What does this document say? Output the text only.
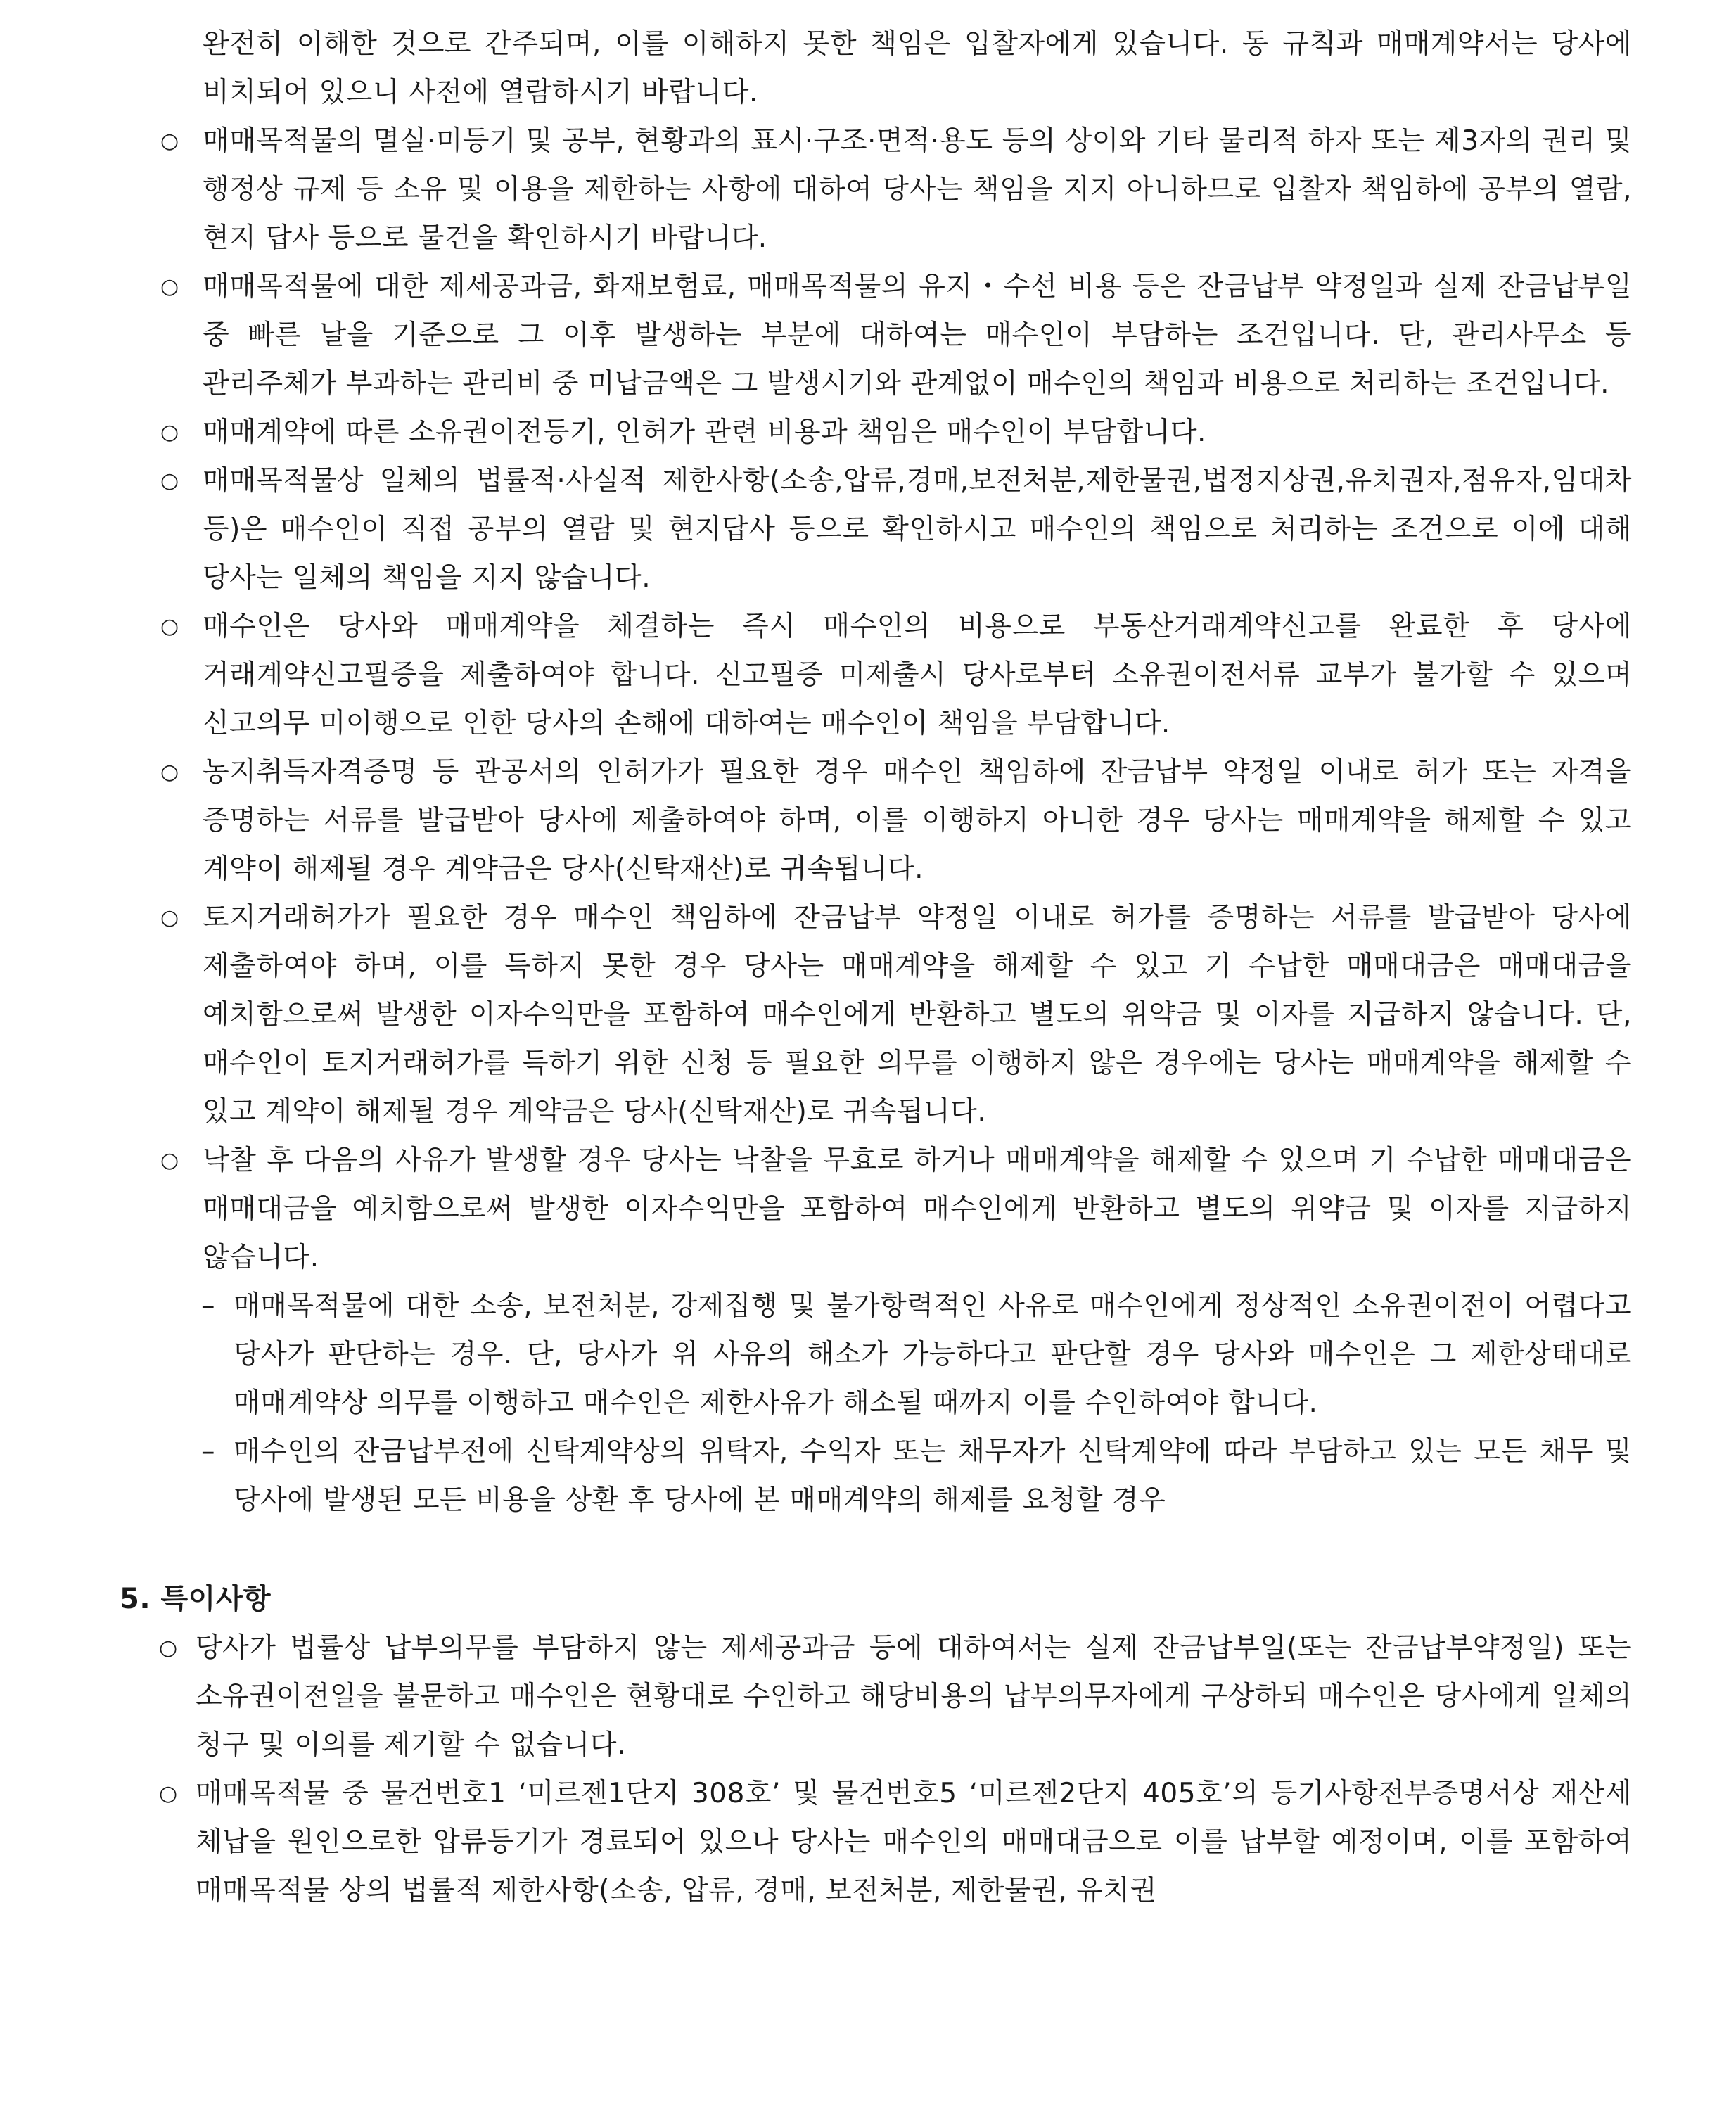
완전히 이해한 것으로 간주되며, 이를 이해하지 못한 책임은 입찰자에게 있습니다. 동 규칙과 매매계약서는 당사에 비치되어 있으니 사전에 열람하시기 바랍니다.

○ 매매목적물의 멸실·미등기 및 공부, 현황과의 표시·구조·면적·용도 등의 상이와 기타 물리적 하자 또는 제3자의 권리 및 행정상 규제 등 소유 및 이용을 제한하는 사항에 대하여 당사는 책임을 지지 아니하므로 입찰자 책임하에 공부의 열람, 현지 답사 등으로 물건을 확인하시기 바랍니다.
○ 매매목적물에 대한 제세공과금, 화재보험료, 매매목적물의 유지・수선 비용 등은 잔금납부 약정일과 실제 잔금납부일 중 빠른 날을 기준으로 그 이후 발생하는 부분에 대하여는 매수인이 부담하는 조건입니다. 단, 관리사무소 등 관리주체가 부과하는 관리비 중 미납금액은 그 발생시기와 관계없이 매수인의 책임과 비용으로 처리하는 조건입니다.
○ 매매계약에 따른 소유권이전등기, 인허가 관련 비용과 책임은 매수인이 부담합니다.
○ 매매목적물상 일체의 법률적·사실적 제한사항(소송,압류,경매,보전처분,제한물권,법정지상권,유치권자,점유자,임대차 등)은 매수인이 직접 공부의 열람 및 현지답사 등으로 확인하시고 매수인의 책임으로 처리하는 조건으로 이에 대해 당사는 일체의 책임을 지지 않습니다.
○ 매수인은 당사와 매매계약을 체결하는 즉시 매수인의 비용으로 부동산거래계약신고를 완료한 후 당사에 거래계약신고필증을 제출하여야 합니다. 신고필증 미제출시 당사로부터 소유권이전서류 교부가 불가할 수 있으며 신고의무 미이행으로 인한 당사의 손해에 대하여는 매수인이 책임을 부담합니다.
○ 농지취득자격증명 등 관공서의 인허가가 필요한 경우 매수인 책임하에 잔금납부 약정일 이내로 허가 또는 자격을 증명하는 서류를 발급받아 당사에 제출하여야 하며, 이를 이행하지 아니한 경우 당사는 매매계약을 해제할 수 있고 계약이 해제될 경우 계약금은 당사(신탁재산)로 귀속됩니다.
○ 토지거래허가가 필요한 경우 매수인 책임하에 잔금납부 약정일 이내로 허가를 증명하는 서류를 발급받아 당사에 제출하여야 하며, 이를 득하지 못한 경우 당사는 매매계약을 해제할 수 있고 기 수납한 매매대금은 매매대금을 예치함으로써 발생한 이자수익만을 포함하여 매수인에게 반환하고 별도의 위약금 및 이자를 지급하지 않습니다. 단, 매수인이 토지거래허가를 득하기 위한 신청 등 필요한 의무를 이행하지 않은 경우에는 당사는 매매계약을 해제할 수 있고 계약이 해제될 경우 계약금은 당사(신탁재산)로 귀속됩니다.
○ 낙찰 후 다음의 사유가 발생할 경우 당사는 낙찰을 무효로 하거나 매매계약을 해제할 수 있으며 기 수납한 매매대금은 매매대금을 예치함으로써 발생한 이자수익만을 포함하여 매수인에게 반환하고 별도의 위약금 및 이자를 지급하지 않습니다.
– 매매목적물에 대한 소송, 보전처분, 강제집행 및 불가항력적인 사유로 매수인에게 정상적인 소유권이전이 어렵다고 당사가 판단하는 경우. 단, 당사가 위 사유의 해소가 가능하다고 판단할 경우 당사와 매수인은 그 제한상태대로 매매계약상 의무를 이행하고 매수인은 제한사유가 해소될 때까지 이를 수인하여야 합니다.
– 매수인의 잔금납부전에 신탁계약상의 위탁자, 수익자 또는 채무자가 신탁계약에 따라 부담하고 있는 모든 채무 및 당사에 발생된 모든 비용을 상환 후 당사에 본 매매계약의 해제를 요청할 경우
5. 특이사항
○ 당사가 법률상 납부의무를 부담하지 않는 제세공과금 등에 대하여서는 실제 잔금납부일(또는 잔금납부약정일) 또는 소유권이전일을 불문하고 매수인은 현황대로 수인하고 해당비용의 납부의무자에게 구상하되 매수인은 당사에게 일체의 청구 및 이의를 제기할 수 없습니다.
○ 매매목적물 중 물건번호1 ‘미르젠1단지 308호’ 및 물건번호5 ‘미르젠2단지 405호’의 등기사항전부증명서상 재산세 체납을 원인으로한 압류등기가 경료되어 있으나 당사는 매수인의 매매대금으로 이를 납부할 예정이며, 이를 포함하여 매매목적물 상의 법률적 제한사항(소송, 압류, 경매, 보전처분, 제한물권, 유치권
